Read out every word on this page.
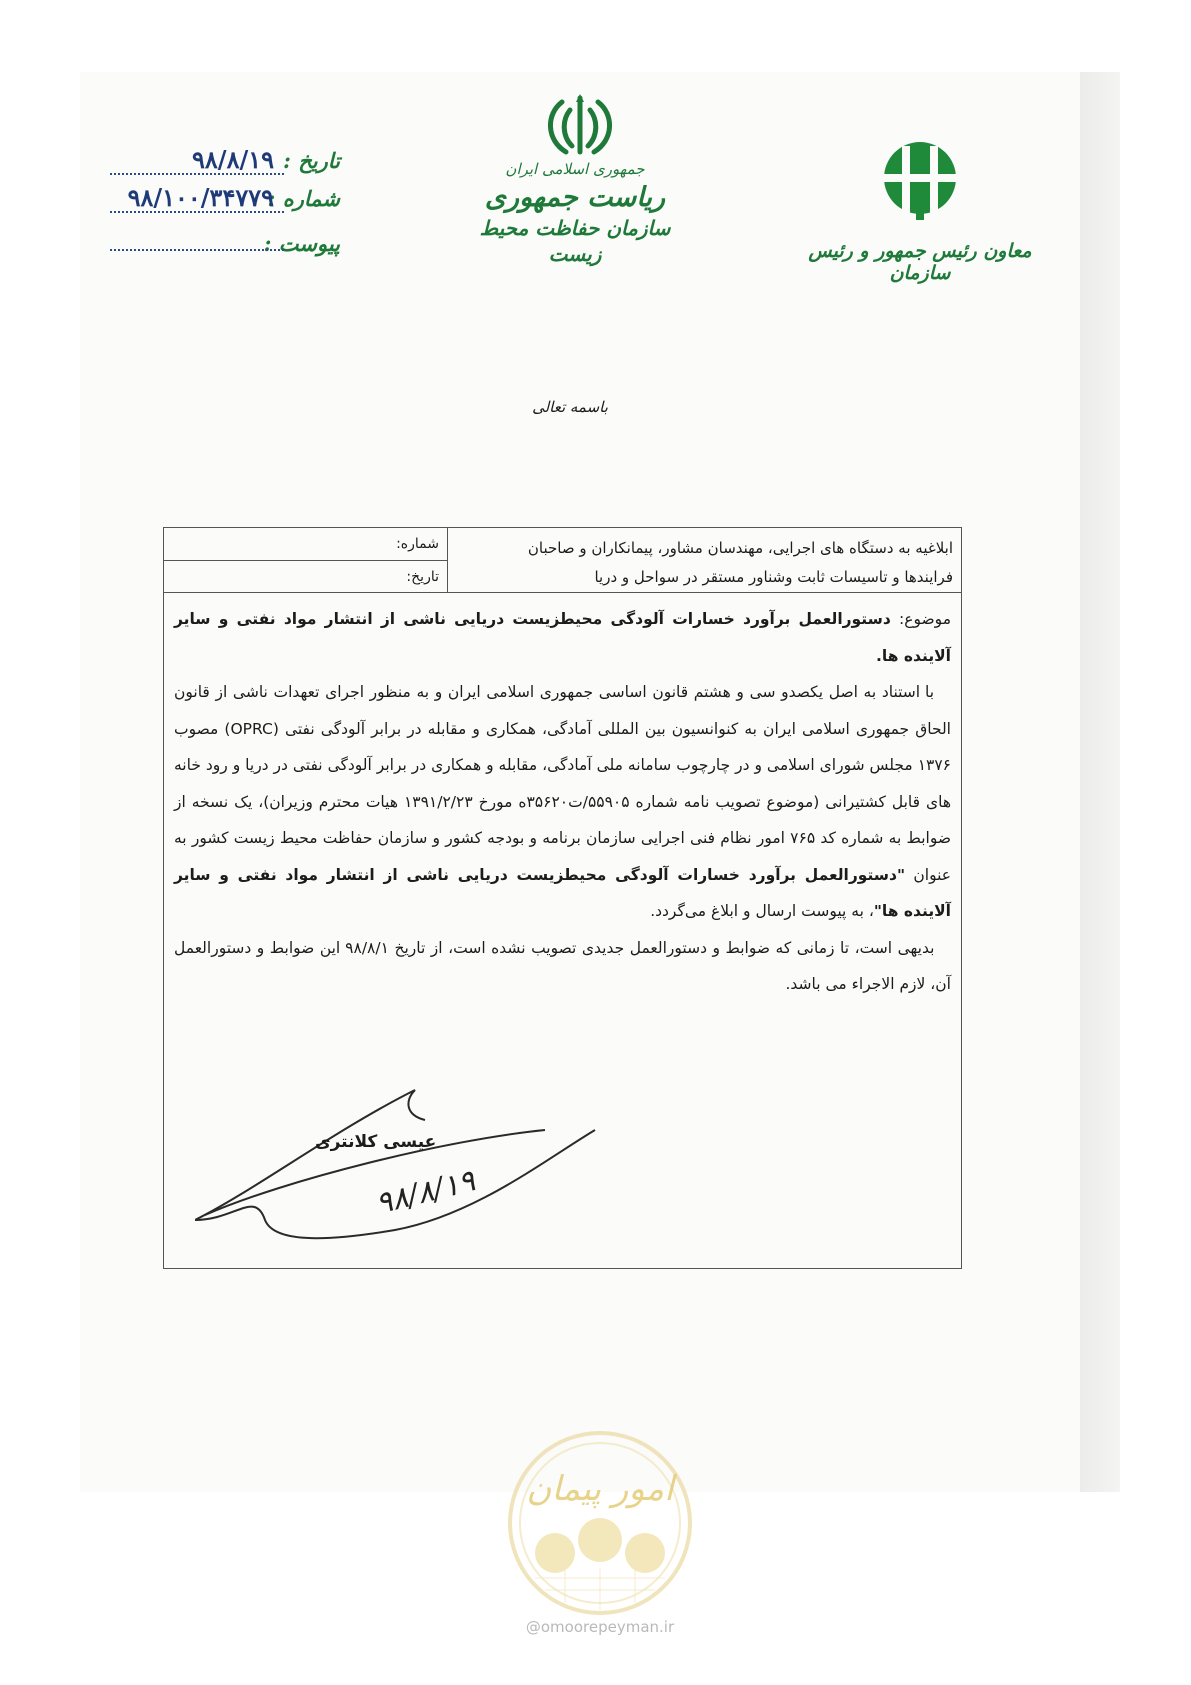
تاریخ :
۹۸/۸/۱۹
شماره :
۹۸/۱۰۰/۳۴۷۷۹
پیوست :
جمهوری اسلامی ایران
ریاست جمهوری
سازمان حفاظت محیط زیست	معاون رئیس جمهور و رئیس سازمان
باسمه تعالی
ابلاغیه به دستگاه های اجرایی، مهندسان مشاور، پیمانکاران و صاحبان
فرایندها و تاسیسات ثابت وشناور مستقر در سواحل و دریا
شماره:
تاریخ:

موضوع: دستورالعمل برآورد خسارات آلودگی محیطزیست دریایی ناشی از انتشار مواد نفتی و سایر آلاینده ها.

با استناد به اصل یکصدو سی و هشتم قانون اساسی جمهوری اسلامی ایران و به منظور اجرای تعهدات ناشی از قانون الحاق جمهوری اسلامی ایران به کنوانسیون بین المللی آمادگی، همکاری و مقابله در برابر آلودگی نفتی (OPRC) مصوب ۱۳۷۶ مجلس شورای اسلامی و در چارچوب سامانه ملی آمادگی، مقابله و همکاری در برابر آلودگی نفتی در دریا و رود خانه های قابل کشتیرانی (موضوع تصویب نامه شماره ۵۵۹۰۵/ت۳۵۶۲۰ه مورخ ۱۳۹۱/۲/۲۳ هیات محترم وزیران)، یک نسخه از ضوابط به شماره کد ۷۶۵ امور نظام فنی اجرایی سازمان برنامه و بودجه کشور و سازمان حفاظت محیط زیست کشور به عنوان "دستورالعمل برآورد خسارات آلودگی محیطزیست دریایی ناشی از انتشار مواد نفتی و سایر آلاینده ها"، به پیوست ارسال و ابلاغ می‌گردد.

بدیهی است، تا زمانی که ضوابط و دستورالعمل جدیدی تصویب نشده است، از تاریخ ۹۸/۸/۱ این ضوابط و دستورالعمل آن، لازم الاجراء می باشد.

عیسی کلانتری
۹۸/۸/۱۹
امور پیمان
@omoorepeyman.ir
